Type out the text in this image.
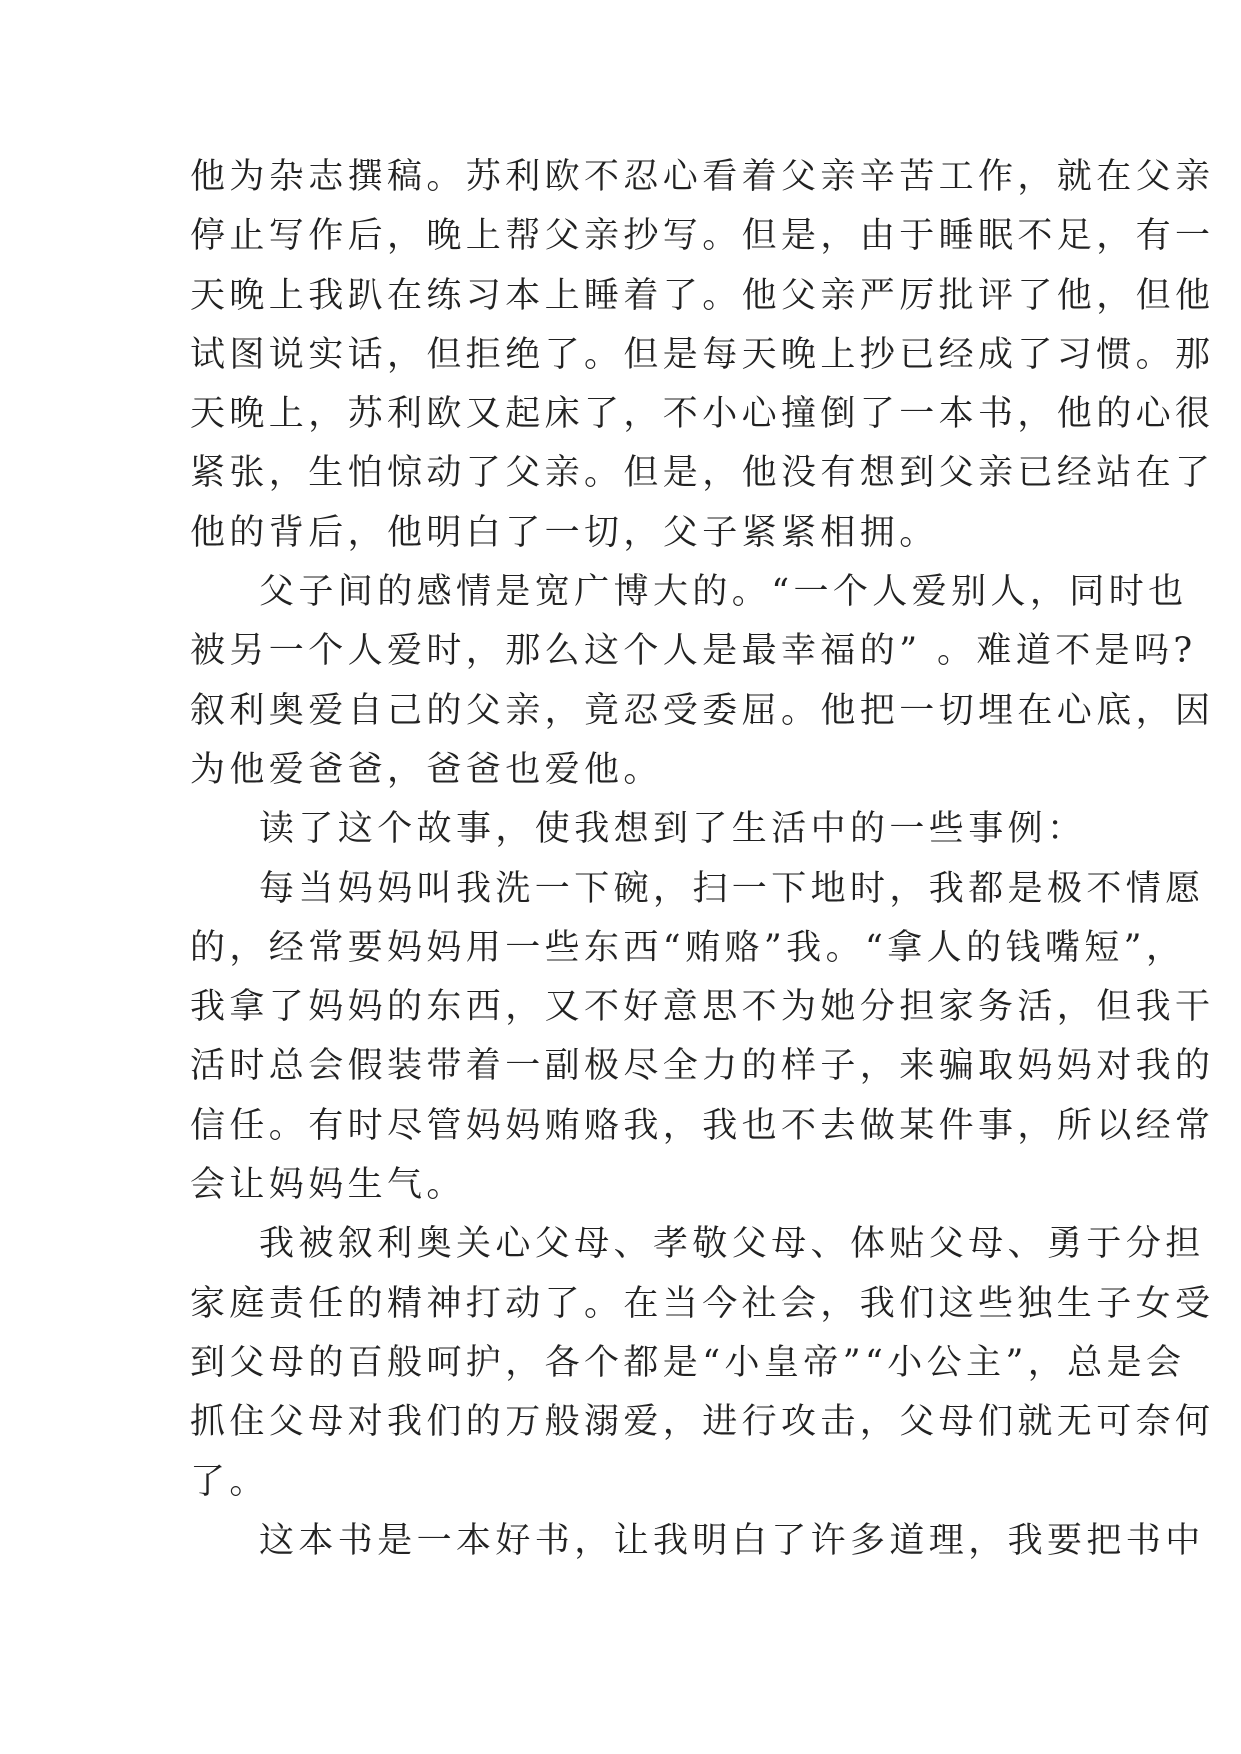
他为杂志撰稿。苏利欧不忍心看着父亲辛苦工作，就在父亲
停止写作后，晚上帮父亲抄写。但是，由于睡眠不足，有一
天晚上我趴在练习本上睡着了。他父亲严厉批评了他，但他
试图说实话，但拒绝了。但是每天晚上抄已经成了习惯。那
天晚上，苏利欧又起床了，不小心撞倒了一本书，他的心很
紧张，生怕惊动了父亲。但是，他没有想到父亲已经站在了
他的背后，他明白了一切，父子紧紧相拥。
父子间的感情是宽广博大的。“一个人爱别人，同时也
被另一个人爱时，那么这个人是最幸福的” 。难道不是吗?
叙利奥爱自己的父亲，竟忍受委屈。他把一切埋在心底，因
为他爱爸爸，爸爸也爱他。
读了这个故事，使我想到了生活中的一些事例：
每当妈妈叫我洗一下碗，扫一下地时，我都是极不情愿
的，经常要妈妈用一些东西“贿赂”我。“拿人的钱嘴短”，
我拿了妈妈的东西，又不好意思不为她分担家务活，但我干
活时总会假装带着一副极尽全力的样子，来骗取妈妈对我的
信任。有时尽管妈妈贿赂我，我也不去做某件事，所以经常
会让妈妈生气。
我被叙利奥关心父母、孝敬父母、体贴父母、勇于分担
家庭责任的精神打动了。在当今社会，我们这些独生子女受
到父母的百般呵护，各个都是“小皇帝”“小公主”，总是会
抓住父母对我们的万般溺爱，进行攻击，父母们就无可奈何
了。
这本书是一本好书，让我明白了许多道理，我要把书中
